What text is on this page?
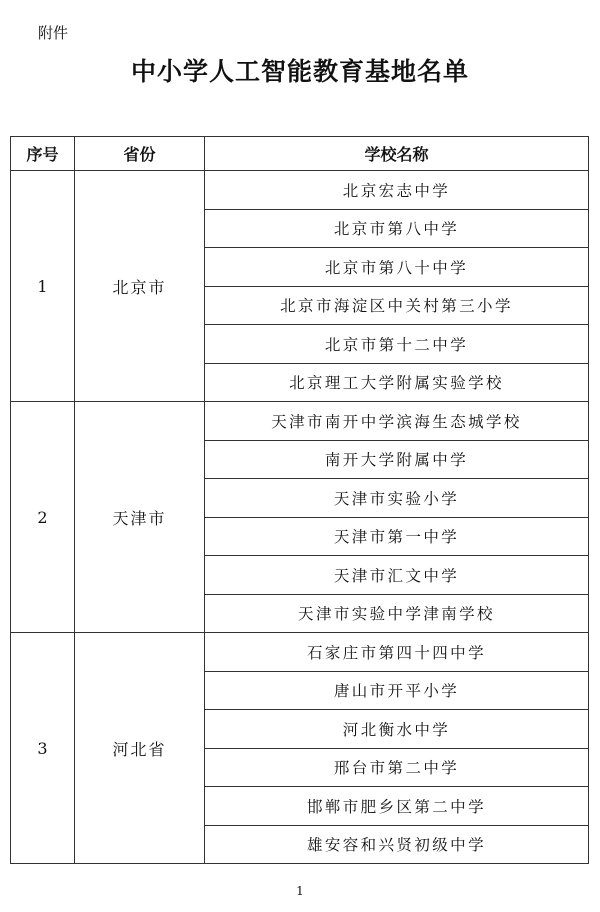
附件
中小学人工智能教育基地名单
序号	省份	学校名称
1	北京市	北京宏志中学
		北京市第八中学
		北京市第八十中学
		北京市海淀区中关村第三小学
		北京市第十二中学
		北京理工大学附属实验学校
2	天津市	天津市南开中学滨海生态城学校
		南开大学附属中学
		天津市实验小学
		天津市第一中学
		天津市汇文中学
		天津市实验中学津南学校
3	河北省	石家庄市第四十四中学
		唐山市开平小学
		河北衡水中学
		邢台市第二中学
		邯郸市肥乡区第二中学
		雄安容和兴贤初级中学
1
